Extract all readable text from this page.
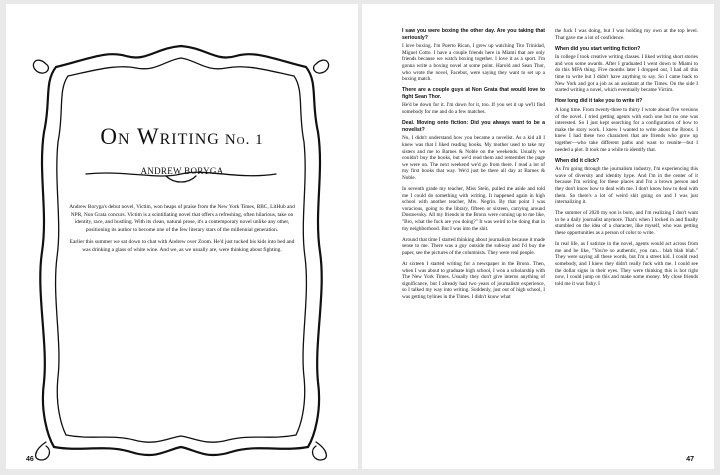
On Writing No. 1
ANDREW BORYGA

Andrew Boryga's debut novel, Victim, won heaps of praise from the New York Times, BBC, LitHub and NPR, Non Grata concurs. Victim is a scintillating novel that offers a refreshing, often hilarious, take on identity, race, and hustling. With its clean, natural prose, it's a contemporary novel unlike any other, positioning its author to become one of the few literary stars of the millennial generation.

Earlier this summer we sat down to chat with Andrew over Zoom. He'd just tucked his kids into bed and was drinking a glass of white wine. And we, as we usually are, were thinking about fighting.

46
I saw you were boxing the other day. Are you taking that seriously?

I love boxing. I'm Puerto Rican, I grew up watching Tito Trinidad, Miguel Cotto. I have a couple friends here in Miami that are only friends because we watch boxing together. I love it as a sport. I'm gonna write a boxing novel at some point. Harold and Sean Thor, who wrote the novel, Facebot, were saying they want to set up a boxing match.

There are a couple guys at Non Grata that would love to fight Sean Thor.

He'd be down for it. I'm down for it, too. If you set it up we'll find somebody for me and do a few matches.

Deal. Moving onto fiction: Did you always want to be a novelist?

No, I didn't understand how you became a novelist. As a kid all I knew was that I liked reading books. My mother used to take my sisters and me to Barnes & Noble on the weekends. Usually we couldn't buy the books, but we'd read them and remember the page we were on. The next weekend we'd go from there. I read a lot of my first books that way. We'd just be there all day at Barnes & Noble.

In seventh grade my teacher, Miss Stein, pulled me aside and told me I could do something with writing. It happened again in high school with another teacher, Mrs. Negrin. By that point I was voracious, going to the library, fifteen or sixteen, carrying around Dostoevsky. All my friends in the Bronx were coming up to me like, "Bro, what the fuck are you doing?" It was weird to be doing that in my neighborhood. But I was into the shit.

Around that time I started thinking about journalism because it made sense to me. There was a guy outside the subway and I'd buy the paper, see the pictures of the columnists. They were real people.

At sixteen I started writing for a newspaper in the Bronx. Then, when I was about to graduate high school, I won a scholarship with The New York Times. Usually they don't give interns anything of significance, but I already had two years of journalism experience, so I talked my way into writing. Suddenly, just out of high school, I was getting bylines in the Times. I didn't know what

the fuck I was doing, but I was holding my own at the top level. That gave me a lot of confidence.

When did you start writing fiction?

In college I took creative writing classes. I liked writing short stories and won some awards. After I graduated I went down to Miami to do this MFA thing. Five months later I dropped out, I had all this time to write but I didn't have anything to say. So I came back to New York and got a job as an assistant at the Times. On the side I started writing a novel, which eventually became Victim.

How long did it take you to write it?

A long time. From twenty-three to thirty I wrote about five versions of the novel. I tried getting agents with each one but no one was interested. So I just kept searching for a configuration of how to make the story work. I knew I wanted to write about the Bronx. I knew I had these two characters that are friends who grow up together—who take different paths and want to reunite—but I needed a plot. It took me a while to identify that.

When did it click?

As I'm going through the journalism industry, I'm experiencing this wave of diversity and identity hype. And I'm in the center of it because I'm writing for these places and I'm a brown person and they don't know how to deal with me. I don't know how to deal with them. So there's a lot of weird shit going on and I was just internalizing it.

The summer of 2020 my son is born, and I'm realizing I don't want to be a daily journalist anymore. That's when I locked in and finally stumbled on the idea of a character, like myself, who was getting these opportunities as a person of color to write.

In real life, as I satirize in the novel, agents would act across from me and be like, "You're so authentic, you can... blah blah blah." They were saying all these words, but I'm a street kid. I could read somebody, and I knew they didn't really fuck with me. I could see the dollar signs in their eyes. They were thinking this is hot right now, I could jump on this and make some money. My close friends told me it was fishy. I

47
